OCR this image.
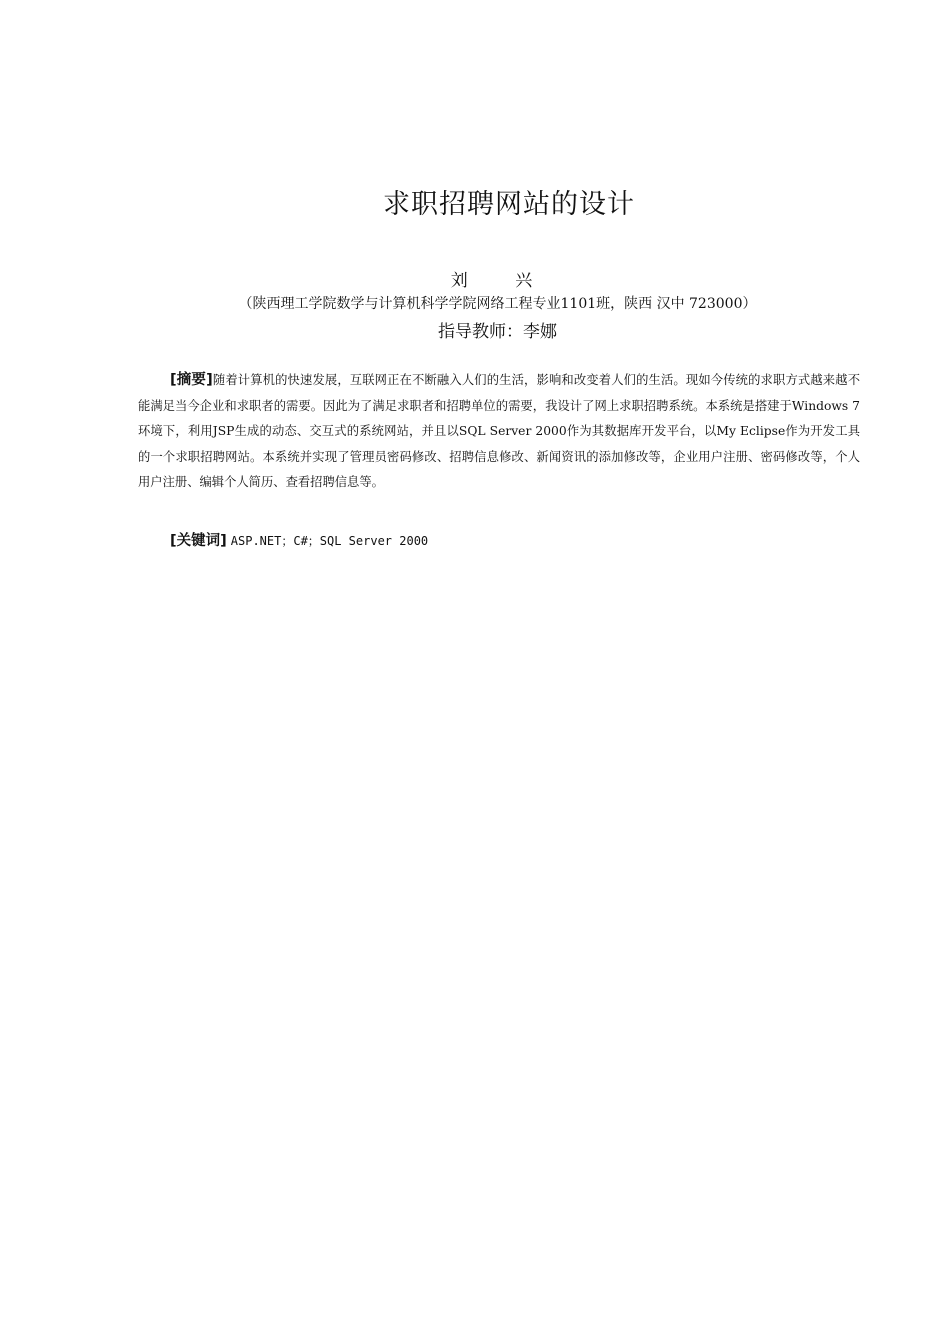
求职招聘网站的设计
刘 兴
（陕西理工学院数学与计算机科学学院网络工程专业1101班，陕西 汉中 723000）
指导教师：李娜
[摘要]随着计算机的快速发展，互联网正在不断融入人们的生活，影响和改变着人们的生活。现如今传统的求职方式越来越不能满足当今企业和求职者的需要。因此为了满足求职者和招聘单位的需要，我设计了网上求职招聘系统。本系统是搭建于Windows 7环境下，利用JSP生成的动态、交互式的系统网站，并且以SQL Server 2000作为其数据库开发平台，以My Eclipse作为开发工具的一个求职招聘网站。本系统并实现了管理员密码修改、招聘信息修改、新闻资讯的添加修改等，企业用户注册、密码修改等，个人用户注册、编辑个人简历、查看招聘信息等。
[关键词] ASP.NET；C#；SQL Server 2000
